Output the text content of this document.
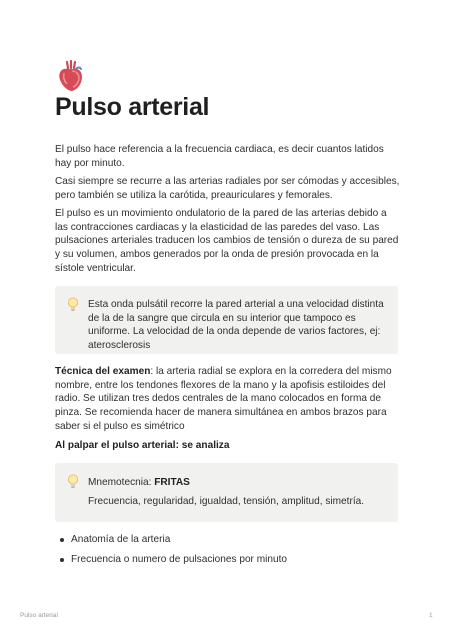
Pulso arterial

El pulso hace referencia a la frecuencia cardiaca, es decir cuantos latidos hay por minuto.

Casi siempre se recurre a las arterias radiales por ser cómodas y accesibles, pero también se utiliza la carótida, preauriculares y femorales.

El pulso es un movimiento ondulatorio de la pared de las arterias debido a las contracciones cardiacas y la elasticidad de las paredes del vaso. Las pulsaciones arteriales traducen los cambios de tensión o dureza de su pared y su volumen, ambos generados por la onda de presión provocada en la sístole ventricular.

Esta onda pulsátil recorre la pared arterial a una velocidad distinta de la de la sangre que circula en su interior que tampoco es uniforme. La velocidad de la onda depende de varios factores, ej: aterosclerosis

Técnica del examen: la arteria radial se explora en la corredera del mismo nombre, entre los tendones flexores de la mano y la apofisis estiloides del radio. Se utilizan tres dedos centrales de la mano colocados en forma de pinza. Se recomienda hacer de manera simultánea en ambos brazos para saber si el pulso es simétrico

Al palpar el pulso arterial: se analiza

Mnemotecnia: FRITAS

Frecuencia, regularidad, igualdad, tensión, amplitud, simetría.

Anatomía de la arteria
Frecuencia o numero de pulsaciones por minuto
Pulso arterial	1
